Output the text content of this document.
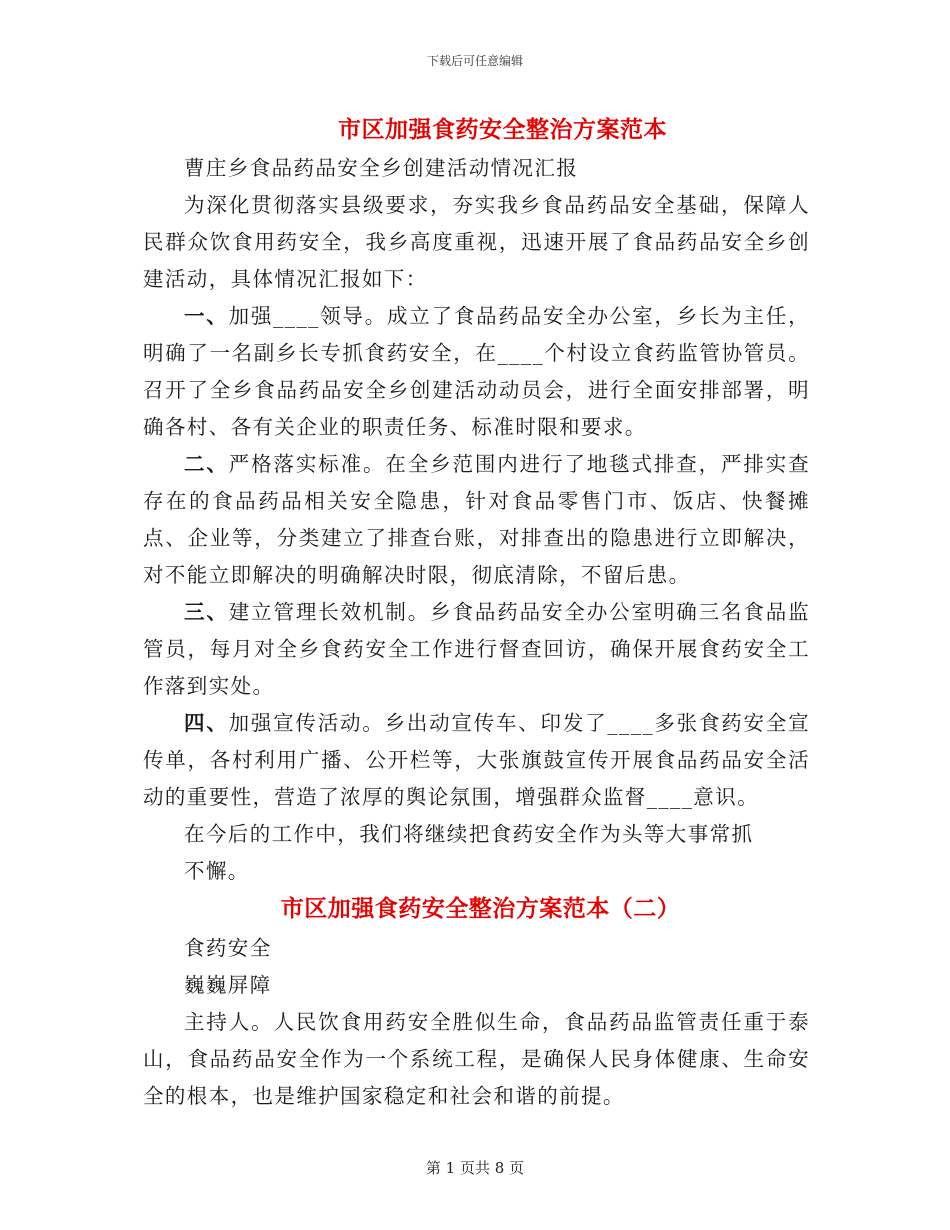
下载后可任意编辑
市区加强食药安全整治方案范本

曹庄乡食品药品安全乡创建活动情况汇报

为深化贯彻落实县级要求，夯实我乡食品药品安全基础，保障人民群众饮食用药安全，我乡高度重视，迅速开展了食品药品安全乡创建活动，具体情况汇报如下：

一、加强____领导。成立了食品药品安全办公室，乡长为主任，明确了一名副乡长专抓食药安全，在____个村设立食药监管协管员。召开了全乡食品药品安全乡创建活动动员会，进行全面安排部署，明确各村、各有关企业的职责任务、标准时限和要求。

二、严格落实标准。在全乡范围内进行了地毯式排查，严排实查存在的食品药品相关安全隐患，针对食品零售门市、饭店、快餐摊点、企业等，分类建立了排查台账，对排查出的隐患进行立即解决，对不能立即解决的明确解决时限，彻底清除，不留后患。

三、建立管理长效机制。乡食品药品安全办公室明确三名食品监管员，每月对全乡食药安全工作进行督查回访，确保开展食药安全工作落到实处。

四、加强宣传活动。乡出动宣传车、印发了____多张食药安全宣传单，各村利用广播、公开栏等，大张旗鼓宣传开展食品药品安全活动的重要性，营造了浓厚的舆论氛围，增强群众监督____意识。

在今后的工作中，我们将继续把食药安全作为头等大事常抓

不懈。

市区加强食药安全整治方案范本（二）

食药安全

巍巍屏障

主持人。人民饮食用药安全胜似生命，食品药品监管责任重于泰山，食品药品安全作为一个系统工程，是确保人民身体健康、生命安全的根本，也是维护国家稳定和社会和谐的前提。

第 1 页共 8 页
